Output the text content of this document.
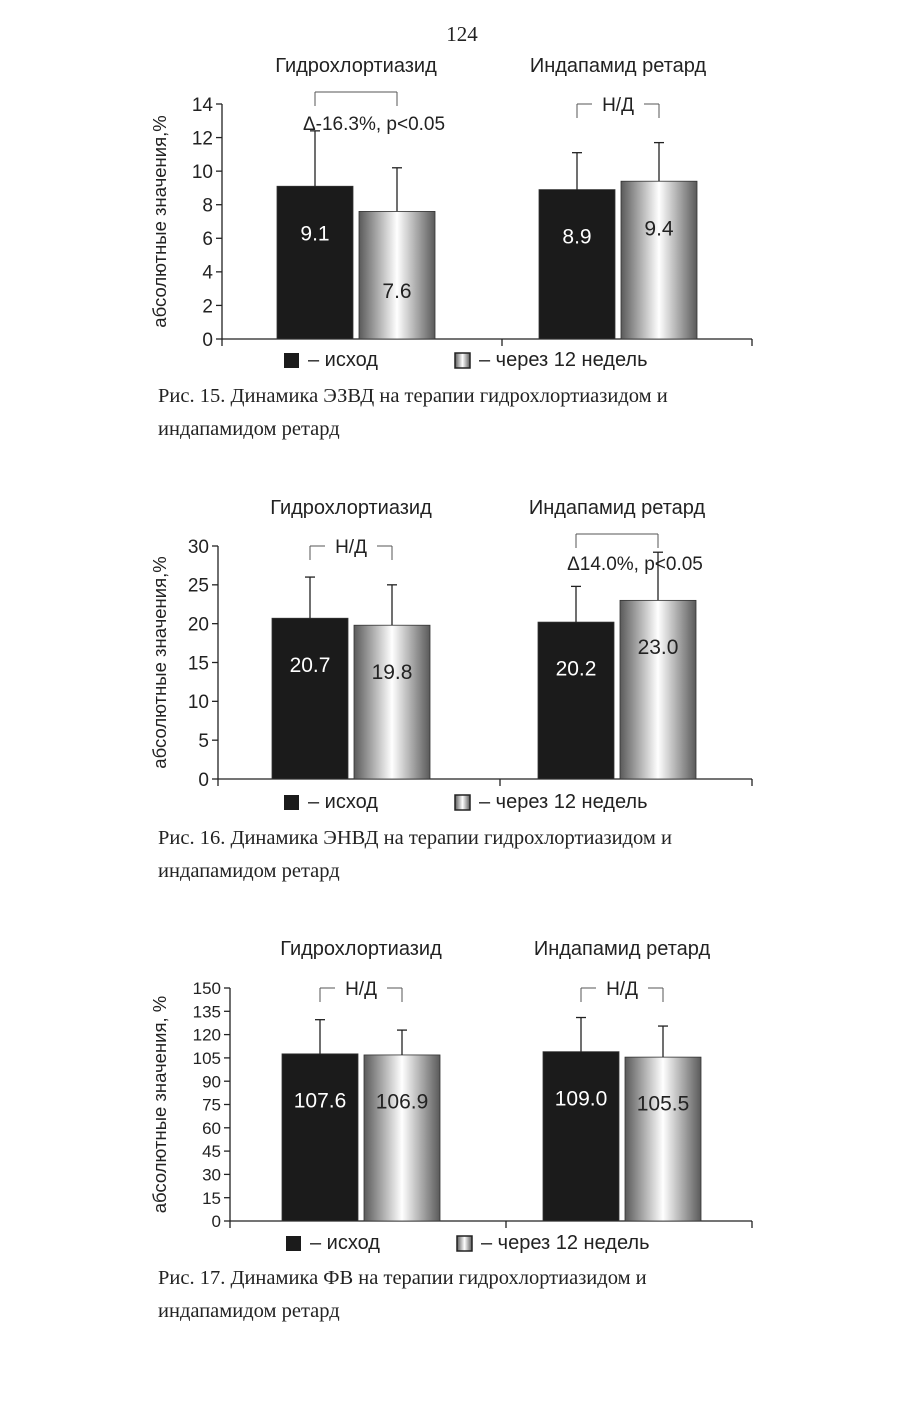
124
0
2
4
6
8
10
12
14
абсолютные значения,%
Гидрохлортиазид	Индапамид ретард
9.1
7.6
8.9	9.4
Δ-16.3%, p<0.05
Н/Д
– исход	– через 12 недель
Рис. 15. Динамика ЭЗВД на терапии гидрохлортиазидом и
индапамидом ретард
0
5
10
15
20
25
30
абсолютные значения,%
Гидрохлортиазид	Индапамид ретард
20.7 19.8	20.2
23.0
Н/Д
Δ14.0%, p<0.05
– исход	– через 12 недель
Рис. 16. Динамика ЭНВД на терапии гидрохлортиазидом и
индапамидом ретард
0
15
30
45
60
75
90
105
120
135
150
абсолютные значения, %
Гидрохлортиазид	Индапамид ретард
107.6 106.9	109.0 105.5
Н/Д	Н/Д
– исход	– через 12 недель
Рис. 17. Динамика ФВ на терапии гидрохлортиазидом и
индапамидом ретард
